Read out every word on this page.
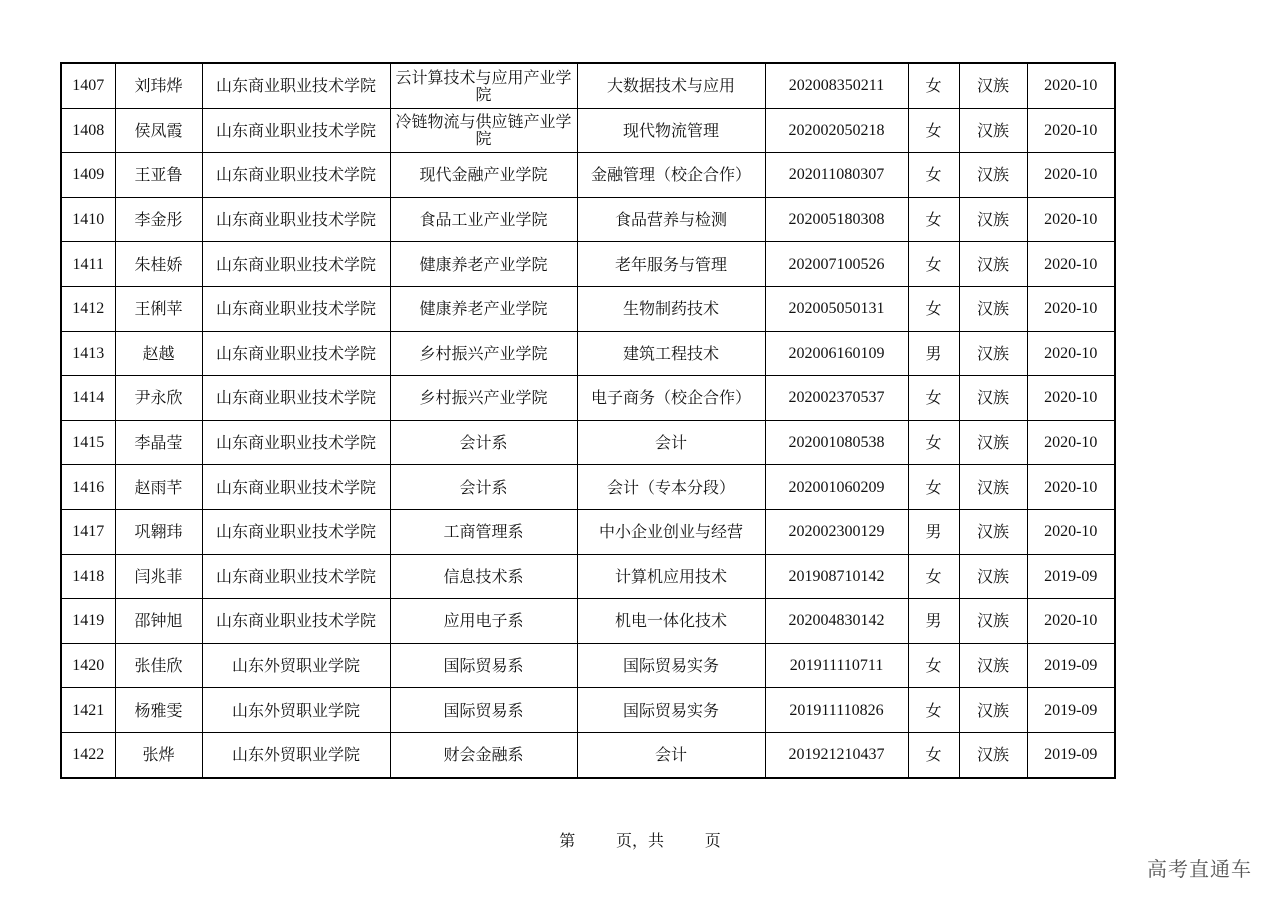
1407	刘玮烨	山东商业职业技术学院	云计算技术与应用产业学院	大数据技术与应用	202008350211	女	汉族	2020-10
1408	侯凤霞	山东商业职业技术学院	冷链物流与供应链产业学院	现代物流管理	202002050218	女	汉族	2020-10
1409	王亚鲁	山东商业职业技术学院	现代金融产业学院	金融管理（校企合作）	202011080307	女	汉族	2020-10
1410	李金彤	山东商业职业技术学院	食品工业产业学院	食品营养与检测	202005180308	女	汉族	2020-10
1411	朱桂娇	山东商业职业技术学院	健康养老产业学院	老年服务与管理	202007100526	女	汉族	2020-10
1412	王俐苹	山东商业职业技术学院	健康养老产业学院	生物制药技术	202005050131	女	汉族	2020-10
1413	赵越	山东商业职业技术学院	乡村振兴产业学院	建筑工程技术	202006160109	男	汉族	2020-10
1414	尹永欣	山东商业职业技术学院	乡村振兴产业学院	电子商务（校企合作）	202002370537	女	汉族	2020-10
1415	李晶莹	山东商业职业技术学院	会计系	会计	202001080538	女	汉族	2020-10
1416	赵雨芊	山东商业职业技术学院	会计系	会计（专本分段）	202001060209	女	汉族	2020-10
1417	巩翱玮	山东商业职业技术学院	工商管理系	中小企业创业与经营	202002300129	男	汉族	2020-10
1418	闫兆菲	山东商业职业技术学院	信息技术系	计算机应用技术	201908710142	女	汉族	2019-09
1419	邵钟旭	山东商业职业技术学院	应用电子系	机电一体化技术	202004830142	男	汉族	2020-10
1420	张佳欣	山东外贸职业学院	国际贸易系	国际贸易实务	201911110711	女	汉族	2019-09
1421	杨雅雯	山东外贸职业学院	国际贸易系	国际贸易实务	201911110826	女	汉族	2019-09
1422	张烨	山东外贸职业学院	财会金融系	会计	201921210437	女	汉族	2019-09
第
	页，共
	页
高考直通车
